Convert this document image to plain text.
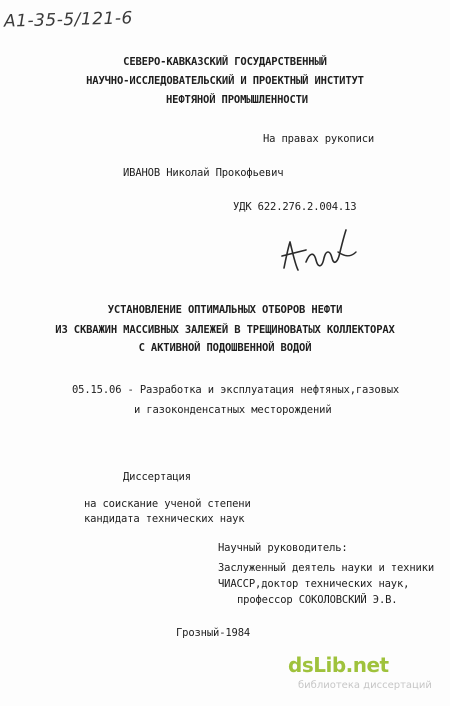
А1-35-5/121-6
СЕВЕРО-КАВКАЗСКИЙ ГОСУДАРСТВЕННЫЙ
НАУЧНО-ИССЛЕДОВАТЕЛЬСКИЙ И ПРОЕКТНЫЙ ИНСТИТУТ
НЕФТЯНОЙ ПРОМЫШЛЕННОСТИ
На правах рукописи
ИВАНОВ Николай Прокофьевич
УДК 622.276.2.004.13
УСТАНОВЛЕНИЕ ОПТИМАЛЬНЫХ ОТБОРОВ НЕФТИ
ИЗ СКВАЖИН МАССИВНЫХ ЗАЛЕЖЕЙ В ТРЕЩИНОВАТЫХ КОЛЛЕКТОРАХ
С АКТИВНОЙ ПОДОШВЕННОЙ ВОДОЙ
05.15.06 - Разработка и эксплуатация нефтяных,газовых
и газоконденсатных месторождений
Диссертация
на соискание ученой степени
кандидата технических наук
Научный руководитель:
Заслуженный деятель науки и техники
ЧИАССР,доктор технических наук,
профессор СОКОЛОВСКИЙ Э.В.
Грозный-1984
dsLib.net
библиотека диссертаций
